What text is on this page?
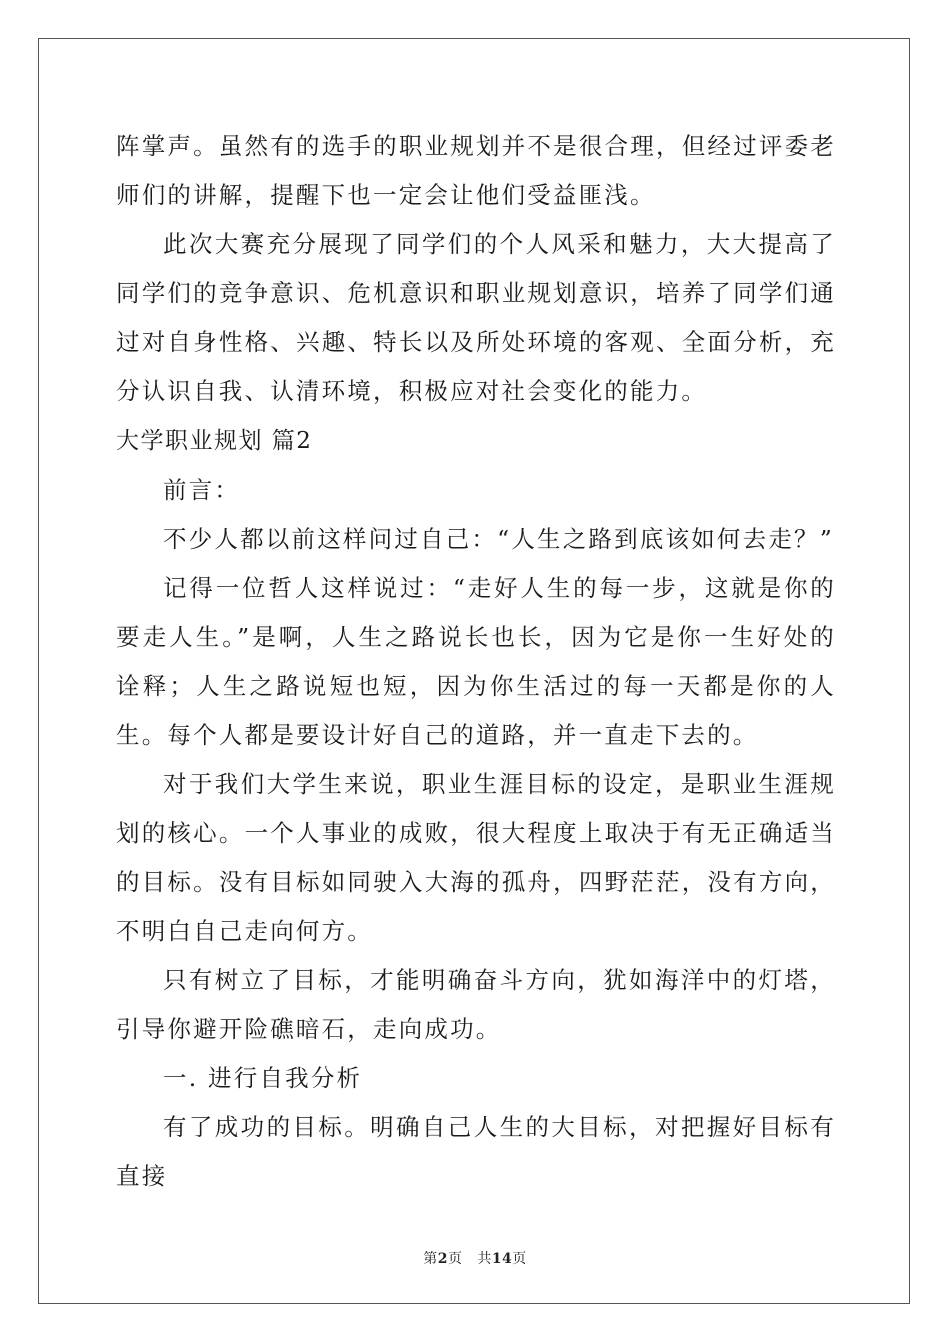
阵掌声。虽然有的选手的职业规划并不是很合理，但经过评委老师们的讲解，提醒下也一定会让他们受益匪浅。

此次大赛充分展现了同学们的个人风采和魅力，大大提高了同学们的竞争意识、危机意识和职业规划意识，培养了同学们通过对自身性格、兴趣、特长以及所处环境的客观、全面分析，充分认识自我、认清环境，积极应对社会变化的能力。

大学职业规划 篇2

前言：

不少人都以前这样问过自己：“人生之路到底该如何去走？”

记得一位哲人这样说过：“走好人生的每一步，这就是你的要走人生。”是啊，人生之路说长也长，因为它是你一生好处的诠释；人生之路说短也短，因为你生活过的每一天都是你的人生。每个人都是要设计好自己的道路，并一直走下去的。

对于我们大学生来说，职业生涯目标的设定，是职业生涯规划的核心。一个人事业的成败，很大程度上取决于有无正确适当的目标。没有目标如同驶入大海的孤舟，四野茫茫，没有方向，不明白自己走向何方。

只有树立了目标，才能明确奋斗方向，犹如海洋中的灯塔，引导你避开险礁暗石，走向成功。

一. 进行自我分析

有了成功的目标。明确自己人生的大目标，对把握好目标有直接

第2页 共14页
